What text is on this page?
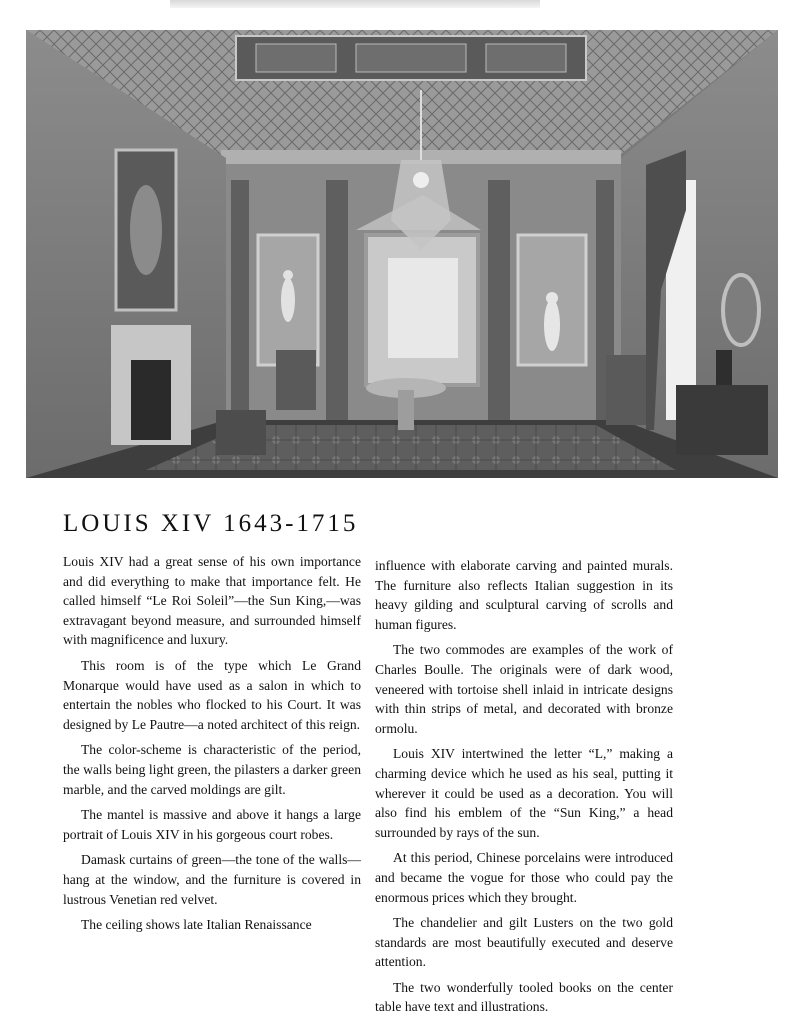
LOUIS XIV 1643-1715

Louis XIV had a great sense of his own importance and did everything to make that importance felt. He called himself “Le Roi Soleil”—the Sun King,—was extravagant beyond measure, and surrounded himself with magnificence and luxury.

This room is of the type which Le Grand Monarque would have used as a salon in which to entertain the nobles who flocked to his Court. It was designed by Le Pautre—a noted architect of this reign.

The color-scheme is characteristic of the period, the walls being light green, the pilasters a darker green marble, and the carved moldings are gilt.

The mantel is massive and above it hangs a large portrait of Louis XIV in his gorgeous court robes.

Damask curtains of green—the tone of the walls—hang at the window, and the furniture is covered in lustrous Venetian red velvet.

The ceiling shows late Italian Renaissance

influence with elaborate carving and painted murals. The furniture also reflects Italian suggestion in its heavy gilding and sculptural carving of scrolls and human figures.

The two commodes are examples of the work of Charles Boulle. The originals were of dark wood, veneered with tortoise shell inlaid in intricate designs with thin strips of metal, and decorated with bronze ormolu.

Louis XIV intertwined the letter “L,” making a charming device which he used as his seal, putting it wherever it could be used as a decoration. You will also find his emblem of the “Sun King,” a head surrounded by rays of the sun.

At this period, Chinese porcelains were introduced and became the vogue for those who could pay the enormous prices which they brought.

The chandelier and gilt Lusters on the two gold standards are most beautifully executed and deserve attention.

The two wonderfully tooled books on the center table have text and illustrations.
